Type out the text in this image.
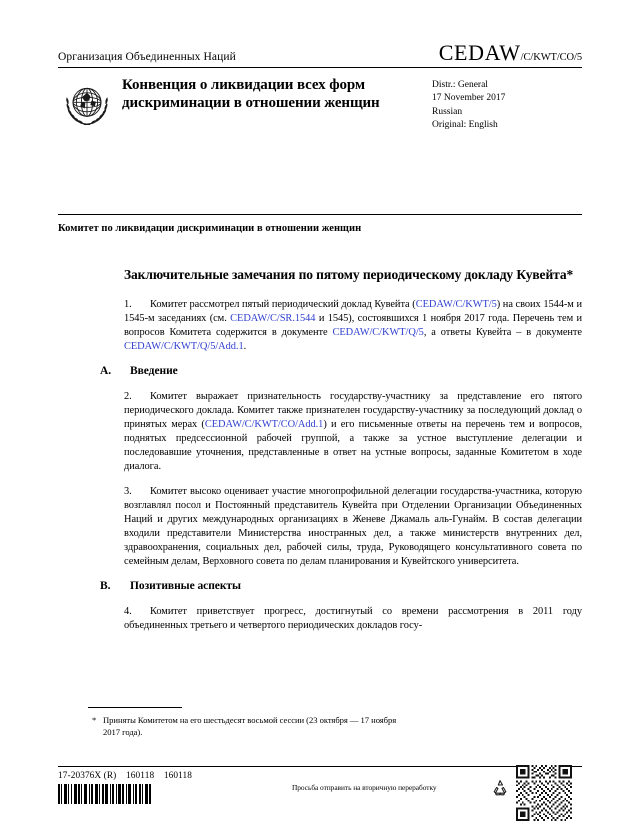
Организация Объединенных Наций	CEDAW /C/KWT/CO/5
Конвенция о ликвидации всех форм дискриминации в отношении женщин
Distr.: General
17 November 2017
Russian
Original: English
Комитет по ликвидации дискриминации в отношении женщин
Заключительные замечания по пятому периодическому докладу Кувейта*

1. Комитет рассмотрел пятый периодический доклад Кувейта (CEDAW/C/KWT/5) на своих 1544-м и 1545-м заседаниях (см. CEDAW/C/SR.1544 и 1545), состоявшихся 1 ноября 2017 года. Перечень тем и вопросов Комитета содержится в документе CEDAW/C/KWT/Q/5, а ответы Кувейта – в документе CEDAW/C/KWT/Q/5/Add.1.

A.	Введение

2. Комитет выражает признательность государству-участнику за представление его пятого периодического доклада. Комитет также признателен государству-участнику за последующий доклад о принятых мерах (CEDAW/C/KWT/CO/Add.1) и его письменные ответы на перечень тем и вопросов, поднятых предсессионной рабочей группой, а также за устное выступление делегации и последовавшие уточнения, представленные в ответ на устные вопросы, заданные Комитетом в ходе диалога.

3. Комитет высоко оценивает участие многопрофильной делегации государства-участника, которую возглавлял посол и Постоянный представитель Кувейта при Отделении Организации Объединенных Наций и других международных организациях в Женеве Джамаль аль-Гунайм. В состав делегации входили представители Министерства иностранных дел, а также министерств внутренних дел, здравоохранения, социальных дел, рабочей силы, труда, Руководящего консультативного совета по семейным делам, Верховного совета по делам планирования и Кувейтского университета.

B.	Позитивные аспекты

4. Комитет приветствует прогресс, достигнутый со времени рассмотрения в 2011 году объединенных третьего и четвертого периодических докладов госу-

* Приняты Комитетом на его шестьдесят восьмой сессии (23 октября — 17 ноября
2017 года).
17-20376X (R)    160118    160118
Просьба отправить на вторичную переработку
